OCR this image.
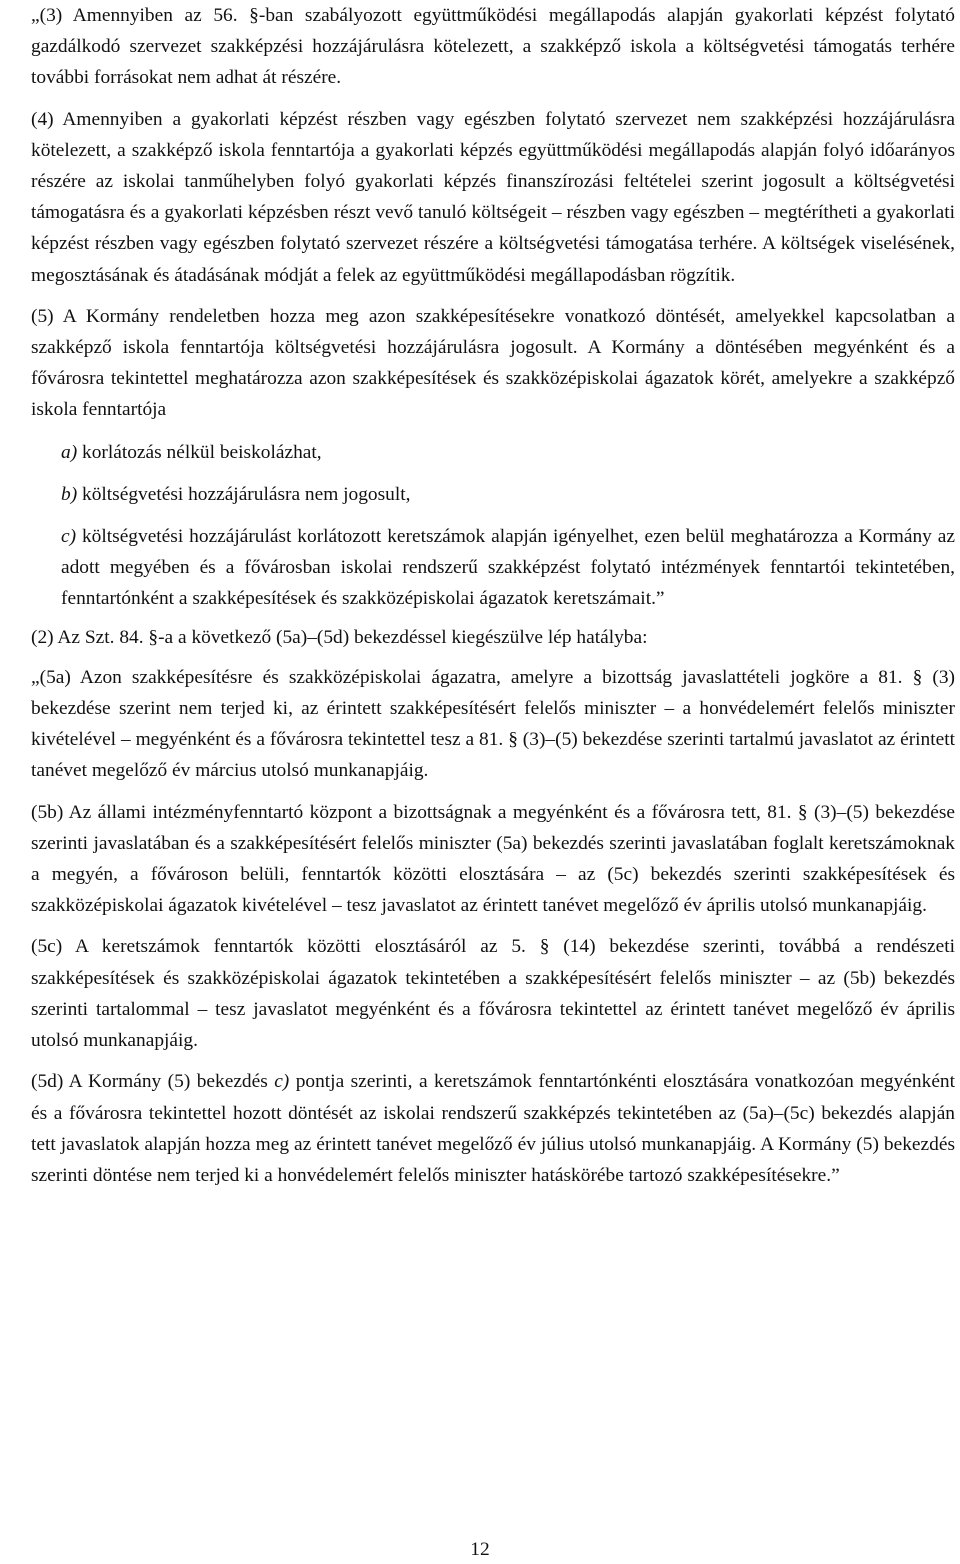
„(3) Amennyiben az 56. §-ban szabályozott együttműködési megállapodás alapján gyakorlati képzést folytató gazdálkodó szervezet szakképzési hozzájárulásra kötelezett, a szakképző iskola a költségvetési támogatás terhére további forrásokat nem adhat át részére.

(4) Amennyiben a gyakorlati képzést részben vagy egészben folytató szervezet nem szakképzési hozzájárulásra kötelezett, a szakképző iskola fenntartója a gyakorlati képzés együttműködési megállapodás alapján folyó időarányos részére az iskolai tanműhelyben folyó gyakorlati képzés finanszírozási feltételei szerint jogosult a költségvetési támogatásra és a gyakorlati képzésben részt vevő tanuló költségeit – részben vagy egészben – megtérítheti a gyakorlati képzést részben vagy egészben folytató szervezet részére a költségvetési támogatása terhére. A költségek viselésének, megosztásának és átadásának módját a felek az együttműködési megállapodásban rögzítik.

(5) A Kormány rendeletben hozza meg azon szakképesítésekre vonatkozó döntését, amelyekkel kapcsolatban a szakképző iskola fenntartója költségvetési hozzájárulásra jogosult. A Kormány a döntésében megyénként és a fővárosra tekintettel meghatározza azon szakképesítések és szakközépiskolai ágazatok körét, amelyekre a szakképző iskola fenntartója

a) korlátozás nélkül beiskolázhat,

b) költségvetési hozzájárulásra nem jogosult,

c) költségvetési hozzájárulást korlátozott keretszámok alapján igényelhet, ezen belül meghatározza a Kormány az adott megyében és a fővárosban iskolai rendszerű szakképzést folytató intézmények fenntartói tekintetében, fenntartónként a szakképesítések és szakközépiskolai ágazatok keretszámait.”

(2) Az Szt. 84. §-a a következő (5a)–(5d) bekezdéssel kiegészülve lép hatályba:

„(5a) Azon szakképesítésre és szakközépiskolai ágazatra, amelyre a bizottság javaslattételi jogköre a 81. § (3) bekezdése szerint nem terjed ki, az érintett szakképesítésért felelős miniszter – a honvédelemért felelős miniszter kivételével – megyénként és a fővárosra tekintettel tesz a 81. § (3)–(5) bekezdése szerinti tartalmú javaslatot az érintett tanévet megelőző év március utolsó munkanapjáig.

(5b) Az állami intézményfenntartó központ a bizottságnak a megyénként és a fővárosra tett, 81. § (3)–(5) bekezdése szerinti javaslatában és a szakképesítésért felelős miniszter (5a) bekezdés szerinti javaslatában foglalt keretszámoknak a megyén, a fővároson belüli, fenntartók közötti elosztására – az (5c) bekezdés szerinti szakképesítések és szakközépiskolai ágazatok kivételével – tesz javaslatot az érintett tanévet megelőző év április utolsó munkanapjáig.

(5c) A keretszámok fenntartók közötti elosztásáról az 5. § (14) bekezdése szerinti, továbbá a rendészeti szakképesítések és szakközépiskolai ágazatok tekintetében a szakképesítésért felelős miniszter – az (5b) bekezdés szerinti tartalommal – tesz javaslatot megyénként és a fővárosra tekintettel az érintett tanévet megelőző év április utolsó munkanapjáig.

(5d) A Kormány (5) bekezdés c) pontja szerinti, a keretszámok fenntartónkénti elosztására vonatkozóan megyénként és a fővárosra tekintettel hozott döntését az iskolai rendszerű szakképzés tekintetében az (5a)–(5c) bekezdés alapján tett javaslatok alapján hozza meg az érintett tanévet megelőző év július utolsó munkanapjáig. A Kormány (5) bekezdés szerinti döntése nem terjed ki a honvédelemért felelős miniszter hatáskörébe tartozó szakképesítésekre.”

12
